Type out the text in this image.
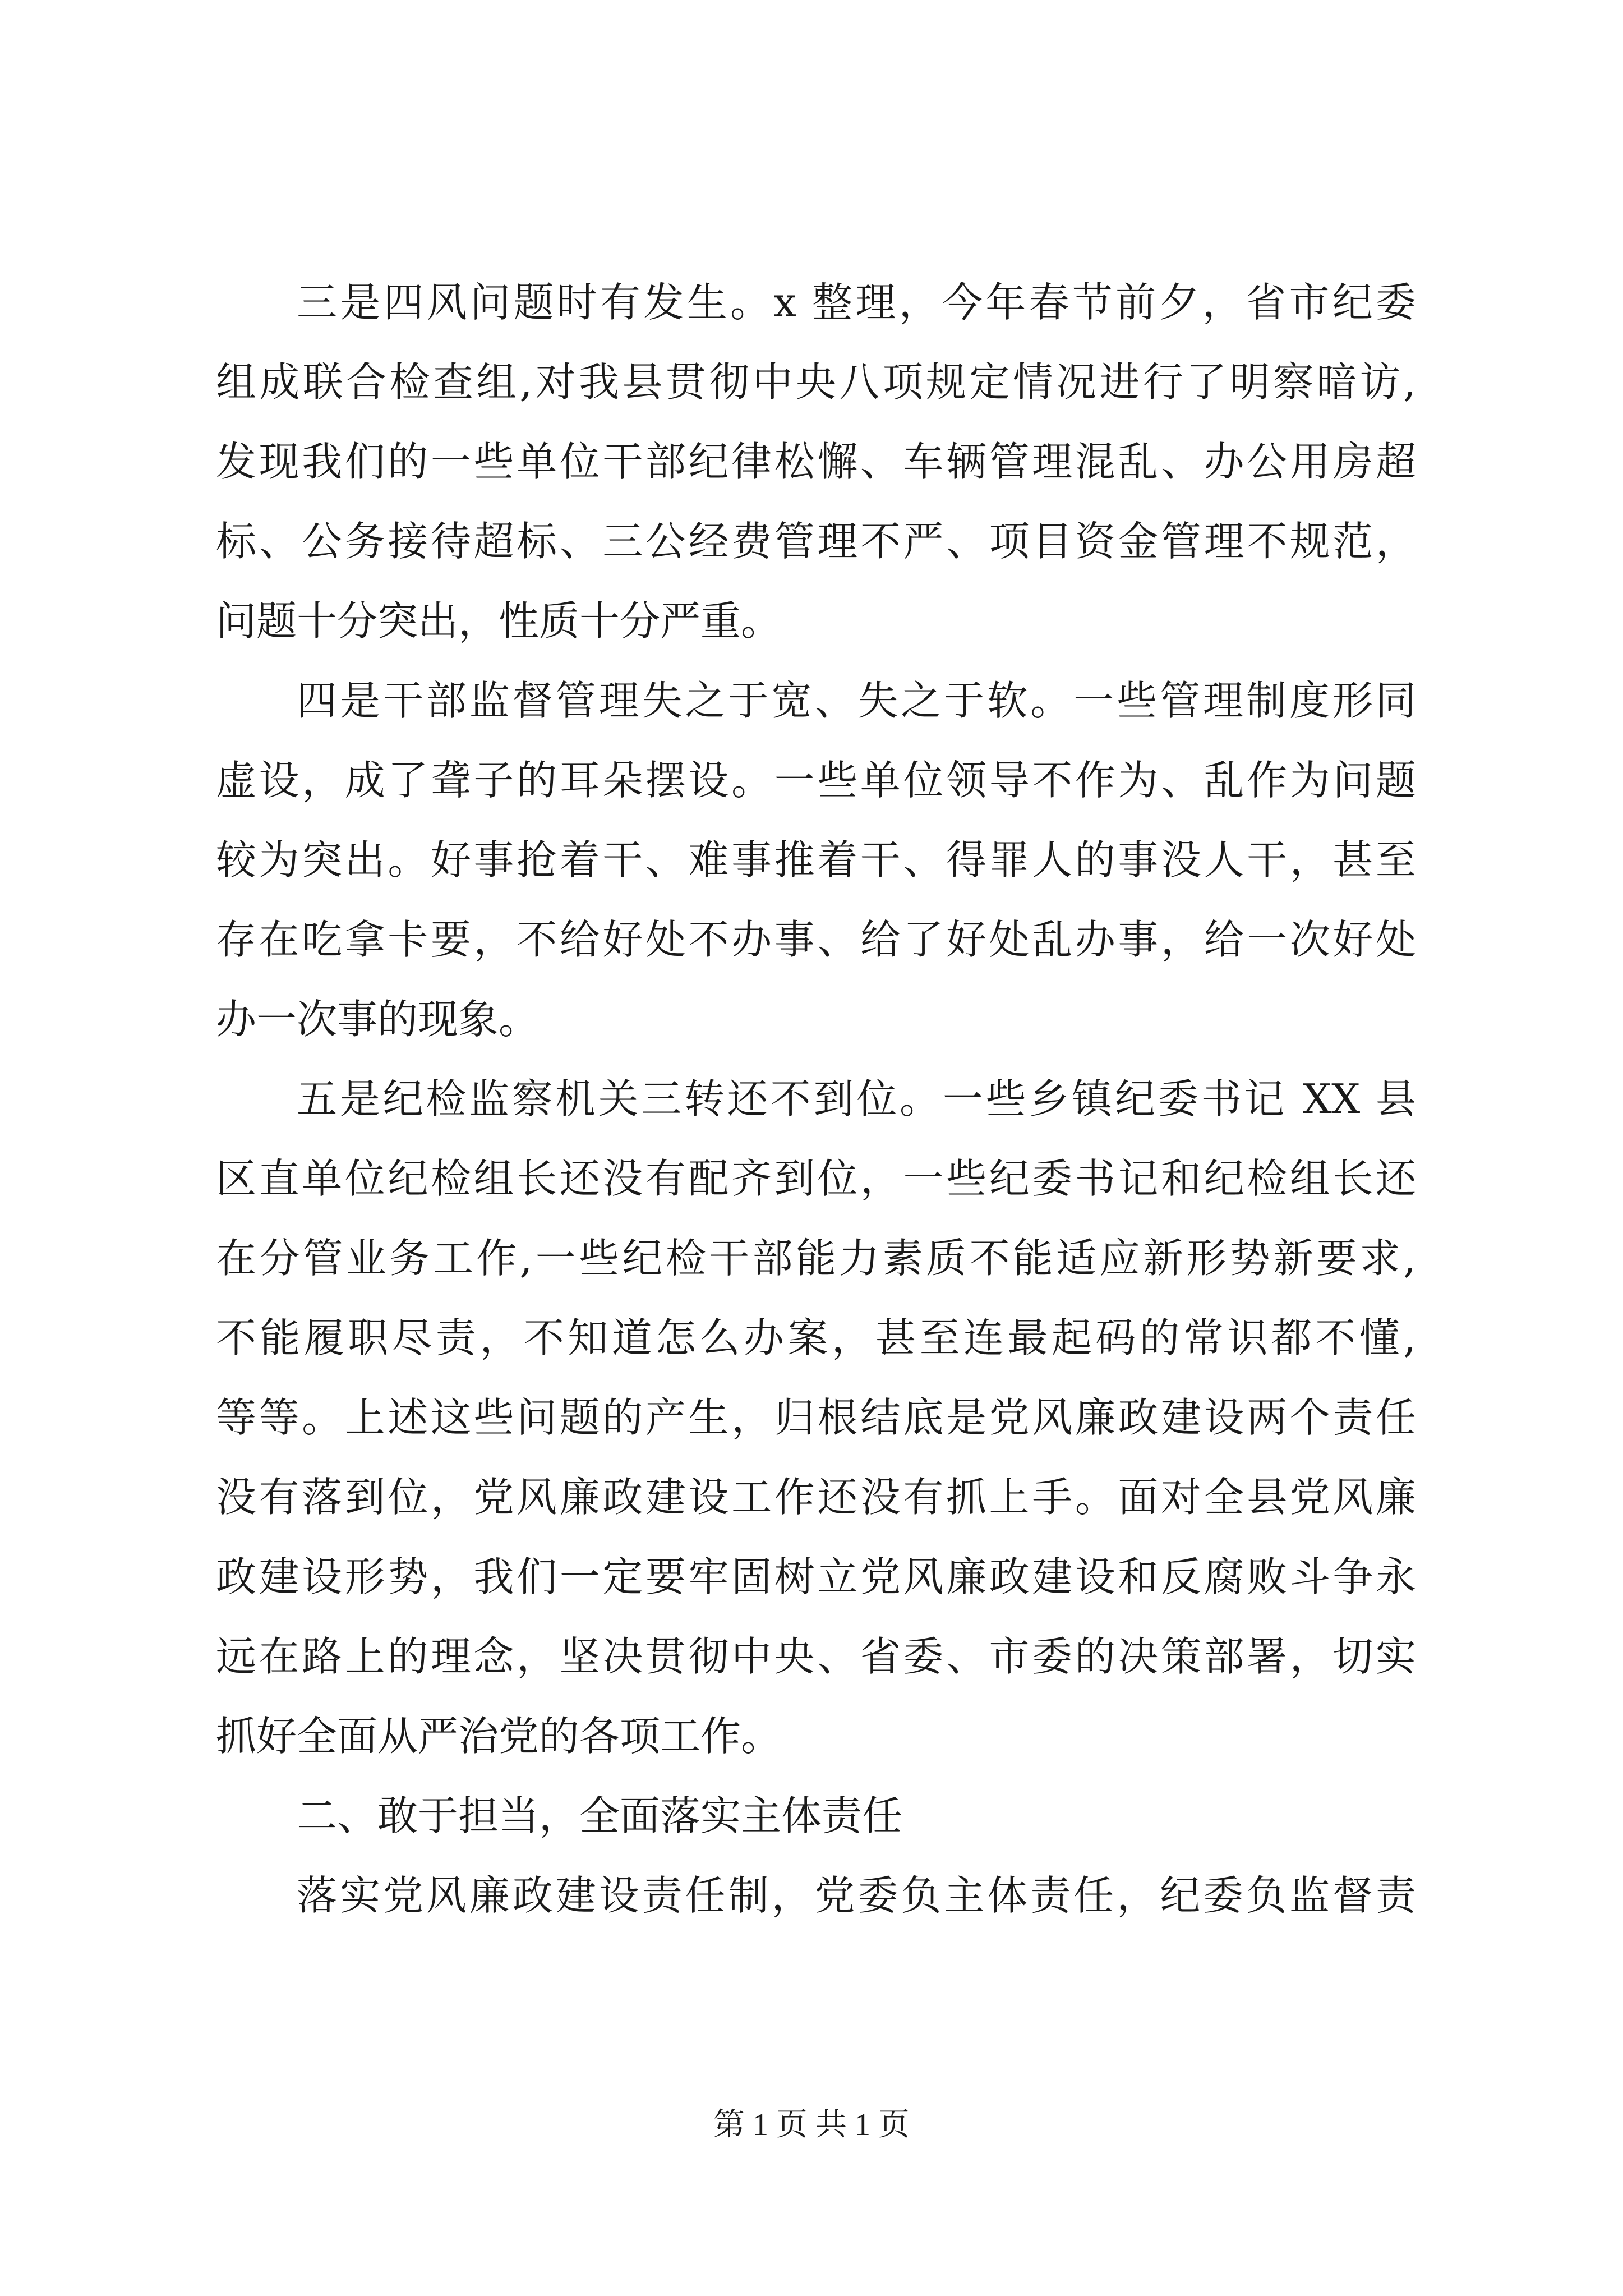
三是四风问题时有发生。x 整理，今年春节前夕，省市纪委
组成联合检查组,对我县贯彻中央八项规定情况进行了明察暗访,
发现我们的一些单位干部纪律松懈、车辆管理混乱、办公用房超
标、公务接待超标、三公经费管理不严、项目资金管理不规范，
问题十分突出，性质十分严重。
四是干部监督管理失之于宽、失之于软。一些管理制度形同
虚设，成了聋子的耳朵摆设。一些单位领导不作为、乱作为问题
较为突出。好事抢着干、难事推着干、得罪人的事没人干，甚至
存在吃拿卡要，不给好处不办事、给了好处乱办事，给一次好处
办一次事的现象。
五是纪检监察机关三转还不到位。一些乡镇纪委书记 XX 县
区直单位纪检组长还没有配齐到位，一些纪委书记和纪检组长还
在分管业务工作,一些纪检干部能力素质不能适应新形势新要求,
不能履职尽责，不知道怎么办案，甚至连最起码的常识都不懂,
等等。上述这些问题的产生，归根结底是党风廉政建设两个责任
没有落到位，党风廉政建设工作还没有抓上手。面对全县党风廉
政建设形势，我们一定要牢固树立党风廉政建设和反腐败斗争永
远在路上的理念，坚决贯彻中央、省委、市委的决策部署，切实
抓好全面从严治党的各项工作。
二、敢于担当，全面落实主体责任
落实党风廉政建设责任制，党委负主体责任，纪委负监督责
第 1 页 共 1 页
